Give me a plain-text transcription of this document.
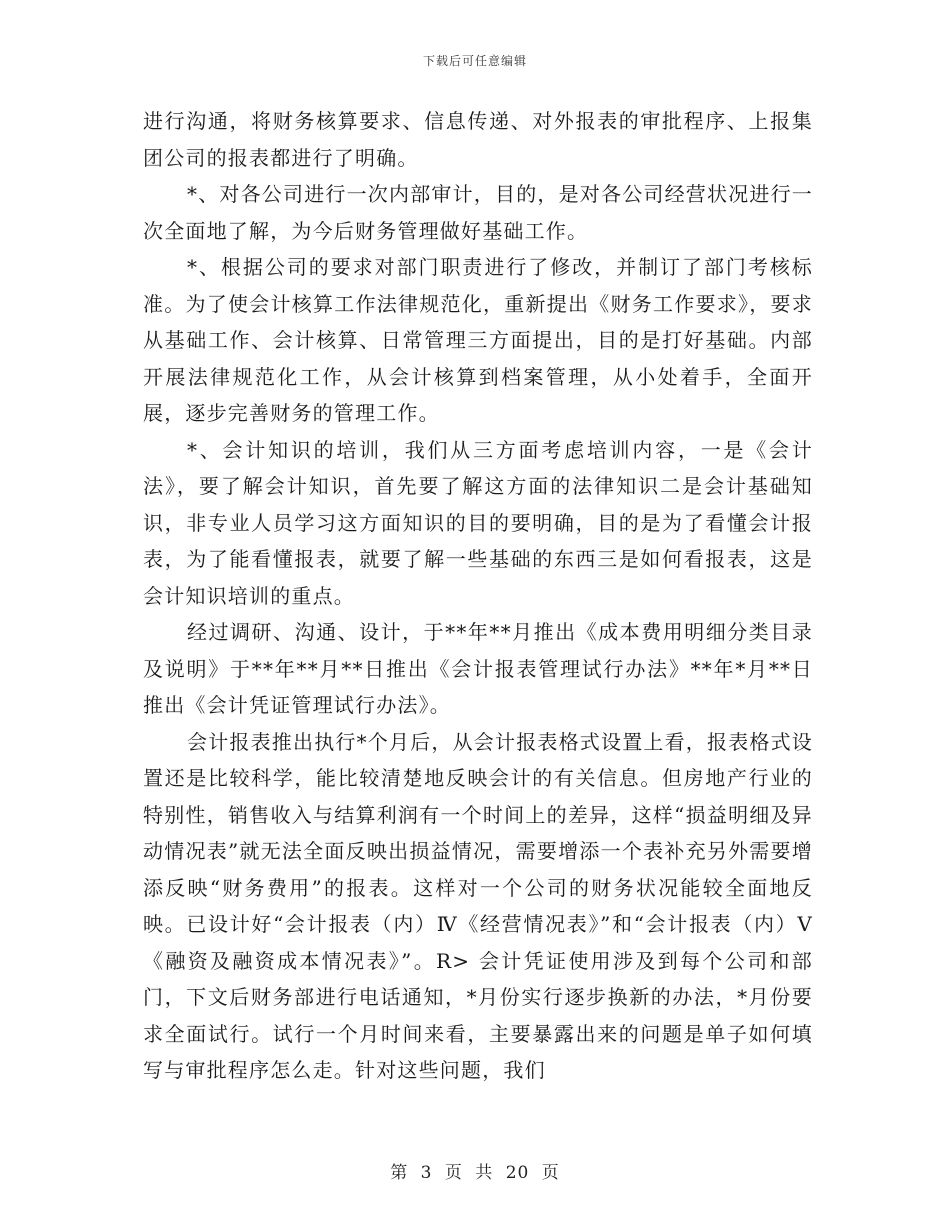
下载后可任意编辑

进行沟通，将财务核算要求、信息传递、对外报表的审批程序、上报集团公司的报表都进行了明确。

*、对各公司进行一次内部审计，目的，是对各公司经营状况进行一次全面地了解，为今后财务管理做好基础工作。

*、根据公司的要求对部门职责进行了修改，并制订了部门考核标准。为了使会计核算工作法律规范化，重新提出《财务工作要求》，要求从基础工作、会计核算、日常管理三方面提出，目的是打好基础。内部开展法律规范化工作，从会计核算到档案管理，从小处着手，全面开展，逐步完善财务的管理工作。

*、会计知识的培训，我们从三方面考虑培训内容，一是《会计法》，要了解会计知识，首先要了解这方面的法律知识二是会计基础知识，非专业人员学习这方面知识的目的要明确，目的是为了看懂会计报表，为了能看懂报表，就要了解一些基础的东西三是如何看报表，这是会计知识培训的重点。

经过调研、沟通、设计，于**年**月推出《成本费用明细分类目录及说明》于**年**月**日推出《会计报表管理试行办法》**年*月**日推出《会计凭证管理试行办法》。

会计报表推出执行*个月后，从会计报表格式设置上看，报表格式设置还是比较科学，能比较清楚地反映会计的有关信息。但房地产行业的特别性，销售收入与结算利润有一个时间上的差异，这样“损益明细及异动情况表”就无法全面反映出损益情况，需要增添一个表补充另外需要增添反映“财务费用”的报表。这样对一个公司的财务状况能较全面地反映。已设计好“会计报表（内）Ⅳ《经营情况表》”和“会计报表（内）Ⅴ《融资及融资成本情况表》”。R> 会计凭证使用涉及到每个公司和部门，下文后财务部进行电话通知，*月份实行逐步换新的办法，*月份要求全面试行。试行一个月时间来看，主要暴露出来的问题是单子如何填写与审批程序怎么走。针对这些问题，我们

第 3 页 共 20 页
